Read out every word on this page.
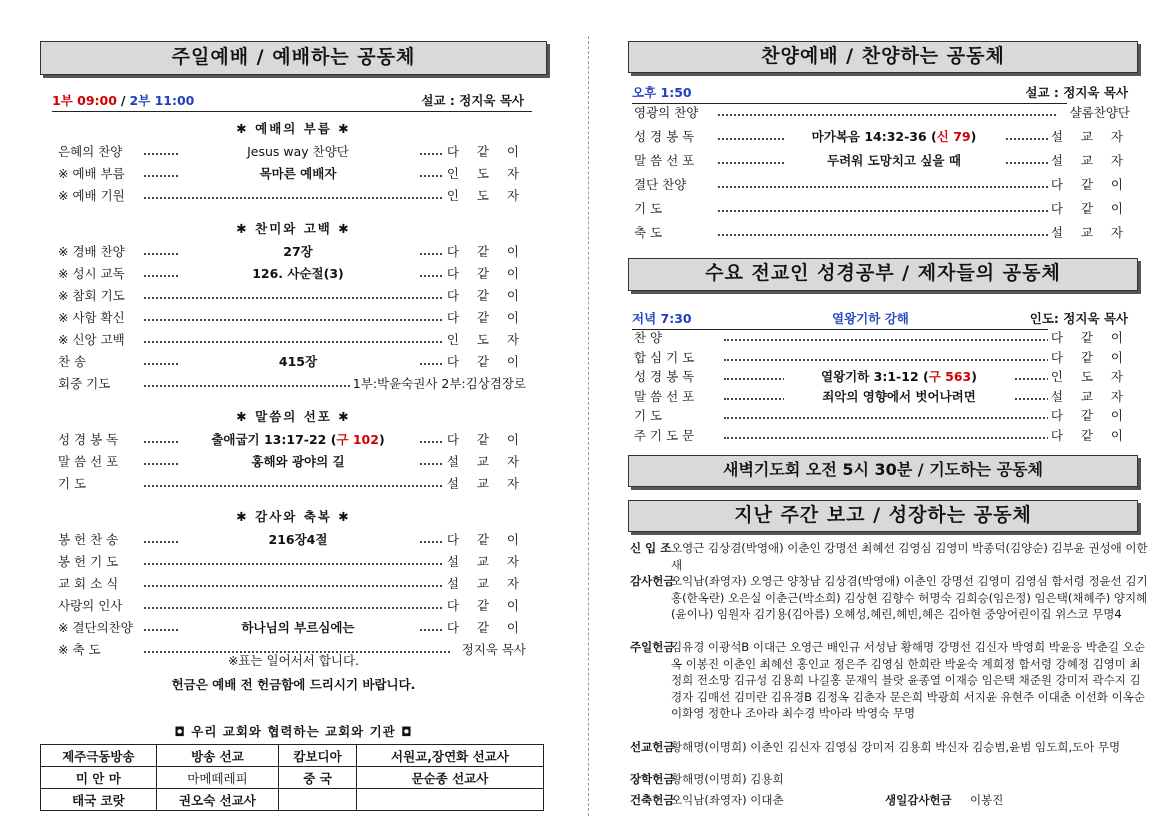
주일예배 / 예배하는 공동체
1부 09:00 / 2부 11:00	설교 : 정지욱 목사
✱ 예배의 부름 ✱
은혜의 찬양	Jesus way 찬양단	다 같 이
※ 예배 부름	목마른 예배자	인 도 자
※ 예배 기원	인 도 자
✱ 찬미와 고백 ✱
※ 경배 찬양	27장	다 같 이
※ 성시 교독	126. 사순절(3)	다 같 이
※ 참회 기도	다 같 이
※ 사함 확신	다 같 이
※ 신앙 고백	인 도 자
찬 송	415장	다 같 이
회중 기도	1부:박윤숙권사 2부:김상겸장로
✱ 말씀의 선포 ✱
성 경 봉 독	출애굽기 13:17-22 (구 102)	다 같 이
말 씀 선 포	홍해와 광야의 길	설 교 자
기 도	설 교 자
✱ 감사와 축복 ✱
봉 헌 찬 송	216장4절	다 같 이
봉 헌 기 도	설 교 자
교 회 소 식	설 교 자
사랑의 인사	다 같 이
※ 결단의찬양	하나님의 부르심에는	다 같 이
※ 축 도	정지욱 목사
※표는 일어서서 합니다.
헌금은 예배 전 헌금함에 드리시기 바랍니다.
◘ 우리 교회와 협력하는 교회와 기관 ◘
제주극동방송	방송 선교	캄보디아	서원교,장연화 선교사
미 안 마	마메떼레피	중 국	문순종 선교사
태국 코랏	권오숙 선교사		
찬양예배 / 찬양하는 공동체
오후 1:50	설교 : 정지욱 목사
영광의 찬양	샬롬찬양단
성 경 봉 독	마가복음 14:32-36 (신 79)	설 교 자
말 씀 선 포	두려워 도망치고 싶을 때	설 교 자
결단 찬양	다 같 이
기 도	다 같 이
축 도	설 교 자
수요 전교인 성경공부 / 제자들의 공동체
저녁 7:30	열왕기하 강해	인도: 정지욱 목사
찬 양	다 같 이
합 심 기 도	다 같 이
성 경 봉 독	열왕기하 3:1-12 (구 563)	인 도 자
말 씀 선 포	죄악의 영향에서 벗어나려면	설 교 자
기 도	다 같 이
주 기 도 문	다 같 이
새벽기도회 오전 5시 30분 / 기도하는 공동체
지난 주간 보고 / 성장하는 공동체
신 입 조 오영근 김상겸(박영애) 이춘인 강명선 최혜선 김영심 김영미 박종덕(김양순) 김부윤 권성애 이한새
감사헌금
오익남(좌영자) 오영근 양창남 김상겸(박영애) 이춘인 강명선 김영미 김영심 함서령 정윤선 김기홍(한옥란) 오은실 이춘근(박소희) 김상현 김향수 허명숙 김희승(임은정) 임은택(채혜주) 양지혜(윤이나) 임원자 김기용(김아름) 오혜성,혜린,혜빈,혜은 김아현 중앙어린이집 위스코 무명4
주일헌금
김유경 이광석B 이대근 오영근 배인규 서성남 황해명 강명선 김신자 박영희 박윤응 박춘길 오순옥 이봉진 이춘인 최혜선 홍인교 정은주 김영심 한희란 박윤숙 계희정 함서령 강혜정 김영미 최정희 전소망 김규성 김용희 나길홍 문재익 블랏 윤종열 이재승 임은택 채준원 강미저 곽수지 김경자 김매선 김미란 김유경B 김정옥 김춘자 문은희 박광희 서지윤 유현주 이대춘 이선화 이옥순 이화영 정한나 조아라 최수경 박아라 박영숙 무명
선교헌금
황해명(이명희) 이춘인 김신자 김영심 강미저 김용희 박신자 김승범,윤범 임도희,도아 무명
장학헌금
황해명(이명희) 김용희
건축헌금
오익남(좌영자) 이대춘	생일감사헌금 이봉진
